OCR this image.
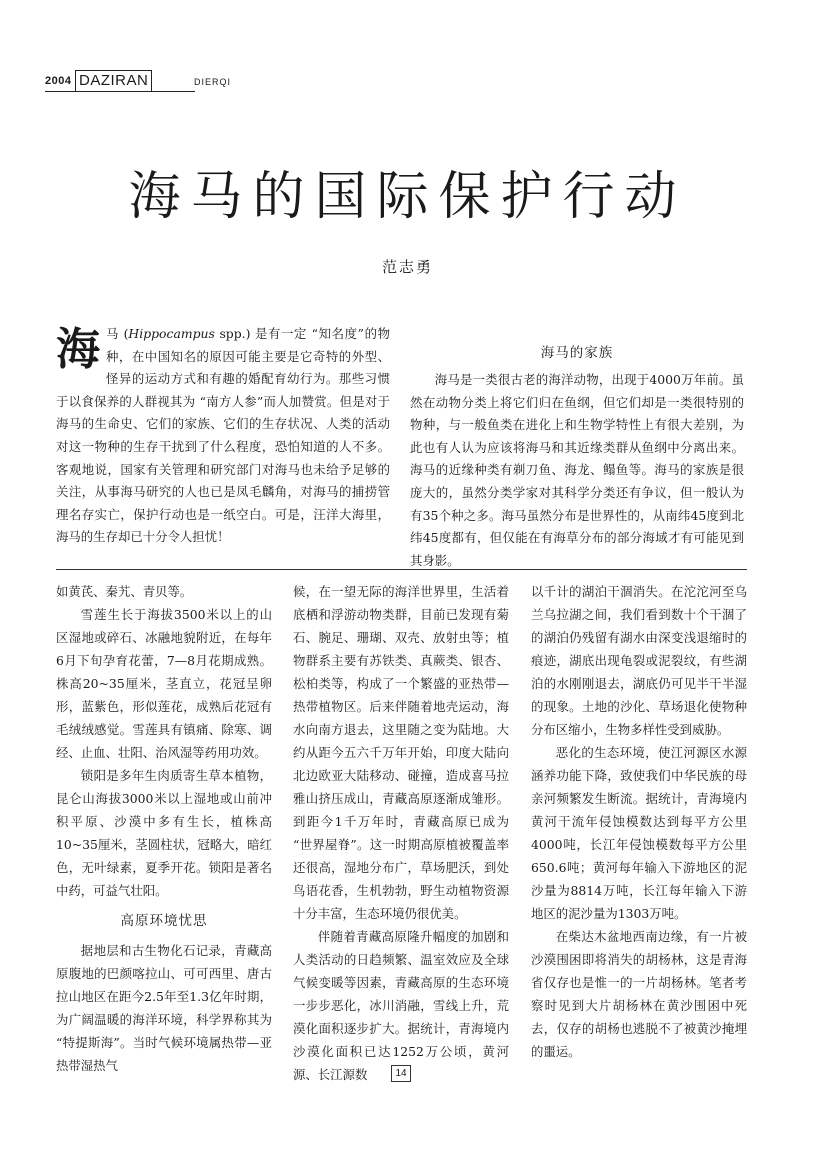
2004 DAZIRAN	DIERQI
海马的国际保护行动
范志勇

海马 (Hippocampus spp.) 是有一定 “知名度”的物种，在中国知名的原因可能主要是它奇特的外型、怪异的运动方式和有趣的婚配育幼行为。那些习惯于以食保养的人群视其为 “南方人参”而人加赞赏。但是对于海马的生命史、它们的家族、它们的生存状况、人类的活动对这一物种的生存干扰到了什么程度，恐怕知道的人不多。客观地说，国家有关管理和研究部门对海马也未给予足够的关注，从事海马研究的人也已是凤毛麟角，对海马的捕捞管理名存实亡，保护行动也是一纸空白。可是，汪洋大海里，海马的生存却已十分令人担忧！

海马的家族

海马是一类很古老的海洋动物，出现于4000万年前。虽然在动物分类上将它们归在鱼纲，但它们却是一类很特别的物种，与一般鱼类在进化上和生物学特性上有很大差别，为此也有人认为应该将海马和其近缘类群从鱼纲中分离出来。海马的近缘种类有剃刀鱼、海龙、鳎鱼等。海马的家族是很庞大的，虽然分类学家对其科学分类还有争议，但一般认为有35个种之多。海马虽然分布是世界性的，从南纬45度到北纬45度都有，但仅能在有海草分布的部分海域才有可能见到其身影。

如黄芪、秦艽、青贝等。

雪莲生长于海拔3500米以上的山区湿地或碎石、冰融地貌附近，在每年6月下旬孕育花蕾，7—8月花期成熟。株高20~35厘米，茎直立，花冠呈卵形，蓝紫色，形似莲花，成熟后花冠有毛绒绒感觉。雪莲具有镇痛、除寒、调经、止血、壮阳、治风湿等药用功效。

锁阳是多年生肉质寄生草本植物，昆仑山海拔3000米以上湿地或山前冲积平原、沙漠中多有生长，植株高10~35厘米，茎圆柱状，冠略大，暗红色，无叶绿素，夏季开花。锁阳是著名中药，可益气壮阳。

高原环境忧思

据地层和古生物化石记录，青藏高原腹地的巴颜喀拉山、可可西里、唐古拉山地区在距今2.5年至1.3亿年时期，为广阔温暖的海洋环境，科学界称其为 “特提斯海”。当时气候环境属热带—亚热带湿热气

候，在一望无际的海洋世界里，生活着底栖和浮游动物类群，目前已发现有菊石、腕足、珊瑚、双壳、放射虫等；植物群系主要有苏铁类、真蕨类、银杏、松柏类等，构成了一个繁盛的亚热带—热带植物区。后来伴随着地壳运动，海水向南方退去，这里随之变为陆地。大约从距今五六千万年开始，印度大陆向北边欧亚大陆移动、碰撞，造成喜马拉雅山挤压成山，青藏高原逐渐成雏形。到距今1千万年时，青藏高原已成为 “世界屋脊”。这一时期高原植被覆盖率还很高，湿地分布广，草场肥沃，到处鸟语花香，生机勃勃，野生动植物资源十分丰富，生态环境仍很优美。

伴随着青藏高原隆升幅度的加剧和人类活动的日趋频繁、温室效应及全球气候变暖等因素，青藏高原的生态环境一步步恶化，冰川消融，雪线上升，荒漠化面积逐步扩大。据统计，青海境内沙漠化面积已达1252万公顷，黄河源、长江源数

以千计的湖泊干涸消失。在沱沱河至乌兰乌拉湖之间，我们看到数十个干涸了的湖泊仍残留有湖水由深变浅退缩时的痕迹，湖底出现龟裂或泥裂纹，有些湖泊的水刚刚退去，湖底仍可见半干半湿的现象。土地的沙化、草场退化使物种分布区缩小，生物多样性受到威胁。

恶化的生态环境，使江河源区水源涵养功能下降，致使我们中华民族的母亲河频繁发生断流。据统计，青海境内黄河干流年侵蚀模数达到每平方公里4000吨，长江年侵蚀模数每平方公里650.6吨；黄河每年输入下游地区的泥沙量为8814万吨，长江每年输入下游地区的泥沙量为1303万吨。

在柴达木盆地西南边缘，有一片被沙漠围困即将消失的胡杨林，这是青海省仅存也是惟一的一片胡杨林。笔者考察时见到大片胡杨林在黄沙围困中死去，仅存的胡杨也逃脱不了被黄沙掩埋的噩运。

14
